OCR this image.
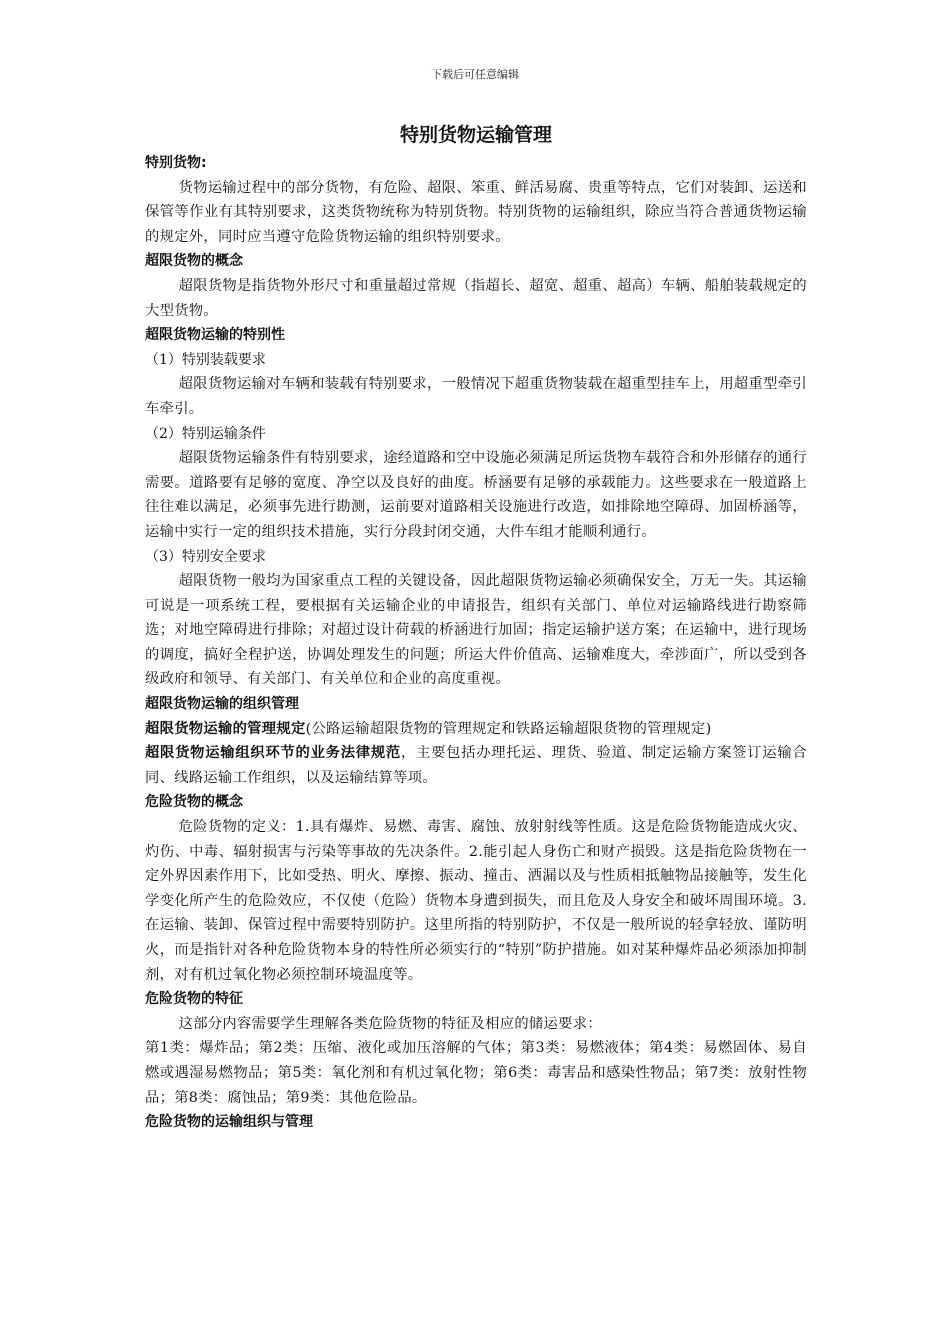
下载后可任意编辑
特别货物运输管理

特别货物:

货物运输过程中的部分货物，有危险、超限、笨重、鲜活易腐、贵重等特点，它们对装卸、运送和保管等作业有其特别要求，这类货物统称为特别货物。特别货物的运输组织，除应当符合普通货物运输的规定外，同时应当遵守危险货物运输的组织特别要求。

超限货物的概念

超限货物是指货物外形尺寸和重量超过常规（指超长、超宽、超重、超高）车辆、船舶装载规定的大型货物。

超限货物运输的特别性

（1）特别装载要求

超限货物运输对车辆和装载有特别要求，一般情况下超重货物装载在超重型挂车上，用超重型牵引车牵引。

（2）特别运输条件

超限货物运输条件有特别要求，途经道路和空中设施必须满足所运货物车载符合和外形储存的通行需要。道路要有足够的宽度、净空以及良好的曲度。桥涵要有足够的承载能力。这些要求在一般道路上往往难以满足，必须事先进行勘测，运前要对道路相关设施进行改造，如排除地空障碍、加固桥涵等，运输中实行一定的组织技术措施，实行分段封闭交通，大件车组才能顺利通行。

（3）特别安全要求

超限货物一般均为国家重点工程的关键设备，因此超限货物运输必须确保安全，万无一失。其运输可说是一项系统工程，要根据有关运输企业的申请报告，组织有关部门、单位对运输路线进行勘察筛选；对地空障碍进行排除；对超过设计荷载的桥涵进行加固；指定运输护送方案；在运输中，进行现场的调度，搞好全程护送，协调处理发生的问题；所运大件价值高、运输难度大，牵涉面广，所以受到各级政府和领导、有关部门、有关单位和企业的高度重视。

超限货物运输的组织管理

超限货物运输的管理规定(公路运输超限货物的管理规定和铁路运输超限货物的管理规定)

超限货物运输组织环节的业务法律规范，主要包括办理托运、理货、验道、制定运输方案签订运输合同、线路运输工作组织，以及运输结算等项。

危险货物的概念

危险货物的定义：1.具有爆炸、易燃、毒害、腐蚀、放射射线等性质。这是危险货物能造成火灾、灼伤、中毒、辐射损害与污染等事故的先决条件。2.能引起人身伤亡和财产损毁。这是指危险货物在一定外界因素作用下，比如受热、明火、摩擦、振动、撞击、洒漏以及与性质相抵触物品接触等，发生化学变化所产生的危险效应，不仅使（危险）货物本身遭到损失，而且危及人身安全和破坏周围环境。3.在运输、装卸、保管过程中需要特别防护。这里所指的特别防护，不仅是一般所说的轻拿轻放、谨防明火，而是指针对各种危险货物本身的特性所必须实行的“特别”防护措施。如对某种爆炸品必须添加抑制剂，对有机过氧化物必须控制环境温度等。

危险货物的特征

这部分内容需要学生理解各类危险货物的特征及相应的储运要求：

第1类：爆炸品；第2类：压缩、液化或加压溶解的气体；第3类：易燃液体；第4类：易燃固体、易自燃或遇湿易燃物品；第5类：氧化剂和有机过氧化物；第6类：毒害品和感染性物品；第7类：放射性物品；第8类：腐蚀品；第9类：其他危险品。

危险货物的运输组织与管理
